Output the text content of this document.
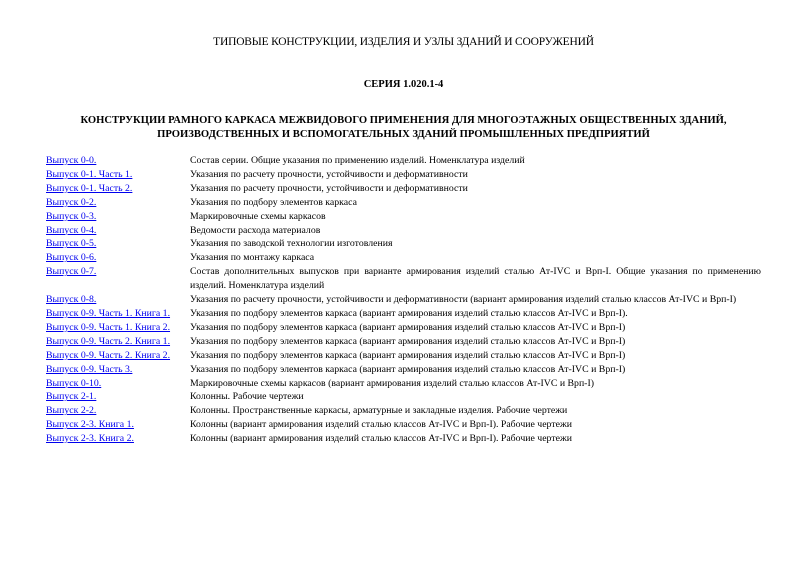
ТИПОВЫЕ КОНСТРУКЦИИ, ИЗДЕЛИЯ И УЗЛЫ ЗДАНИЙ И СООРУЖЕНИЙ
СЕРИЯ 1.020.1-4
КОНСТРУКЦИИ РАМНОГО КАРКАСА МЕЖВИДОВОГО ПРИМЕНЕНИЯ ДЛЯ МНОГОЭТАЖНЫХ ОБЩЕСТВЕННЫХ ЗДАНИЙ, ПРОИЗВОДСТВЕННЫХ И ВСПОМОГАТЕЛЬНЫХ ЗДАНИЙ ПРОМЫШЛЕННЫХ ПРЕДПРИЯТИЙ
Выпуск 0-0.	Состав серии. Общие указания по применению изделий. Номенклатура изделий
Выпуск 0-1. Часть 1.	Указания по расчету прочности, устойчивости и деформативности
Выпуск 0-1. Часть 2.	Указания по расчету прочности, устойчивости и деформативности
Выпуск 0-2.	Указания по подбору элементов каркаса
Выпуск 0-3.	Маркировочные схемы каркасов
Выпуск 0-4.	Ведомости расхода материалов
Выпуск 0-5.	Указания по заводской технологии изготовления
Выпуск 0-6.	Указания по монтажу каркаса
Выпуск 0-7.	Состав дополнительных выпусков при варианте армирования изделий сталью Ат-IVC и Врп-I. Общие указания по применению изделий. Номенклатура изделий
Выпуск 0-8.	Указания по расчету прочности, устойчивости и деформативности (вариант армирования изделий сталью классов Ат-IVC и Врп-I)
Выпуск 0-9. Часть 1. Книга 1.	Указания по подбору элементов каркаса (вариант армирования изделий сталью классов Ат-IVC и Врп-I).
Выпуск 0-9. Часть 1. Книга 2.	Указания по подбору элементов каркаса (вариант армирования изделий сталью классов Ат-IVC и Врп-I)
Выпуск 0-9. Часть 2. Книга 1.	Указания по подбору элементов каркаса (вариант армирования изделий сталью классов Ат-IVC и Врп-I)
Выпуск 0-9. Часть 2. Книга 2.	Указания по подбору элементов каркаса (вариант армирования изделий сталью классов Ат-IVC и Врп-I)
Выпуск 0-9. Часть 3.	Указания по подбору элементов каркаса (вариант армирования изделий сталью классов Ат-IVC и Врп-I)
Выпуск 0-10.	Маркировочные схемы каркасов (вариант армирования изделий сталью классов Ат-IVC и Врп-I)
Выпуск 2-1.	Колонны. Рабочие чертежи
Выпуск 2-2.	Колонны. Пространственные каркасы, арматурные и закладные изделия. Рабочие чертежи
Выпуск 2-3. Книга 1.	Колонны (вариант армирования изделий сталью классов Ат-IVC и Врп-I). Рабочие чертежи
Выпуск 2-3. Книга 2.	Колонны (вариант армирования изделий сталью классов Ат-IVC и Врп-I). Рабочие чертежи
